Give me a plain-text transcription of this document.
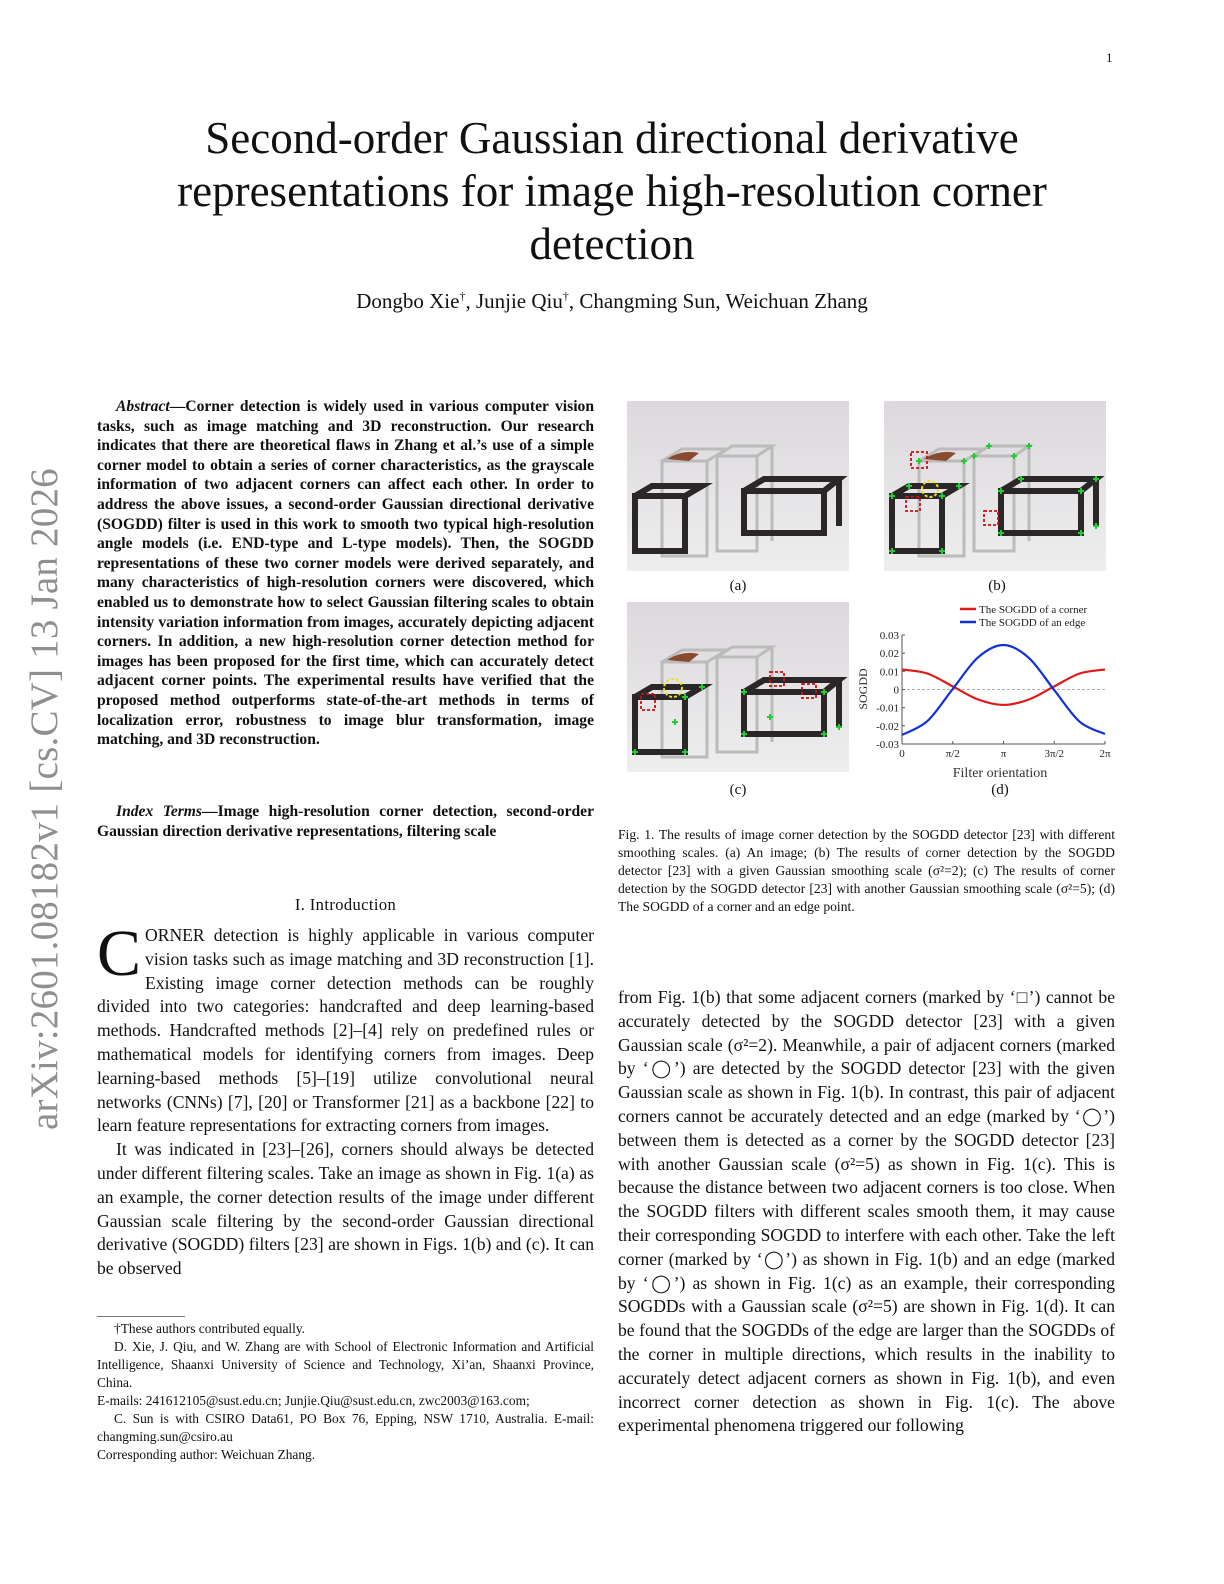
1
arXiv:2601.08182v1 [cs.CV] 13 Jan 2026
Second-order Gaussian directional derivative representations for image high-resolution corner detection
Dongbo Xie†, Junjie Qiu†, Changming Sun, Weichuan Zhang

Abstract—Corner detection is widely used in various computer vision tasks, such as image matching and 3D reconstruction. Our research indicates that there are theoretical flaws in Zhang et al.’s use of a simple corner model to obtain a series of corner characteristics, as the grayscale information of two adjacent corners can affect each other. In order to address the above issues, a second-order Gaussian directional derivative (SOGDD) filter is used in this work to smooth two typical high-resolution angle models (i.e. END-type and L-type models). Then, the SOGDD representations of these two corner models were derived separately, and many characteristics of high-resolution corners were discovered, which enabled us to demonstrate how to select Gaussian filtering scales to obtain intensity variation information from images, accurately depicting adjacent corners. In addition, a new high-resolution corner detection method for images has been proposed for the first time, which can accurately detect adjacent corner points. The experimental results have verified that the proposed method outperforms state-of-the-art methods in terms of localization error, robustness to image blur transformation, image matching, and 3D reconstruction.

Index Terms—Image high-resolution corner detection, second-order Gaussian direction derivative representations, filtering scale

I. Introduction

CORNER detection is highly applicable in various computer vision tasks such as image matching and 3D reconstruction [1]. Existing image corner detection methods can be roughly divided into two categories: handcrafted and deep learning-based methods. Handcrafted methods [2]–[4] rely on predefined rules or mathematical models for identifying corners from images. Deep learning-based methods [5]–[19] utilize convolutional neural networks (CNNs) [7], [20] or Transformer [21] as a backbone [22] to learn feature representations for extracting corners from images.

It was indicated in [23]–[26], corners should always be detected under different filtering scales. Take an image as shown in Fig. 1(a) as an example, the corner detection results of the image under different Gaussian scale filtering by the second-order Gaussian directional derivative (SOGDD) filters [23] are shown in Figs. 1(b) and (c). It can be observed

†These authors contributed equally.

D. Xie, J. Qiu, and W. Zhang are with School of Electronic Information and Artificial Intelligence, Shaanxi University of Science and Technology, Xi’an, Shaanxi Province, China.

E-mails: 241612105@sust.edu.cn; Junjie.Qiu@sust.edu.cn, zwc2003@163.com;

C. Sun is with CSIRO Data61, PO Box 76, Epping, NSW 1710, Australia. E-mail: changming.sun@csiro.au

Corresponding author: Weichuan Zhang.

(a)	(b)
(c)
The SOGDD of a corner
The SOGDD of an edge
0.03
0.02
0.01
0
-0.01
-0.02
-0.03
0	π/2	π	3π/2	2π
Filter orientation
SOGDD
(d)

Fig. 1. The results of image corner detection by the SOGDD detector [23] with different smoothing scales. (a) An image; (b) The results of corner detection by the SOGDD detector [23] with a given Gaussian smoothing scale (σ²=2); (c) The results of corner detection by the SOGDD detector [23] with another Gaussian smoothing scale (σ²=5); (d) The SOGDD of a corner and an edge point.

from Fig. 1(b) that some adjacent corners (marked by ‘□’) cannot be accurately detected by the SOGDD detector [23] with a given Gaussian scale (σ²=2). Meanwhile, a pair of adjacent corners (marked by ‘◯’) are detected by the SOGDD detector [23] with the given Gaussian scale as shown in Fig. 1(b). In contrast, this pair of adjacent corners cannot be accurately detected and an edge (marked by ‘◯’) between them is detected as a corner by the SOGDD detector [23] with another Gaussian scale (σ²=5) as shown in Fig. 1(c). This is because the distance between two adjacent corners is too close. When the SOGDD filters with different scales smooth them, it may cause their corresponding SOGDD to interfere with each other. Take the left corner (marked by ‘◯’) as shown in Fig. 1(b) and an edge (marked by ‘◯’) as shown in Fig. 1(c) as an example, their corresponding SOGDDs with a Gaussian scale (σ²=5) are shown in Fig. 1(d). It can be found that the SOGDDs of the edge are larger than the SOGDDs of the corner in multiple directions, which results in the inability to accurately detect adjacent corners as shown in Fig. 1(b), and even incorrect corner detection as shown in Fig. 1(c). The above experimental phenomena triggered our following
